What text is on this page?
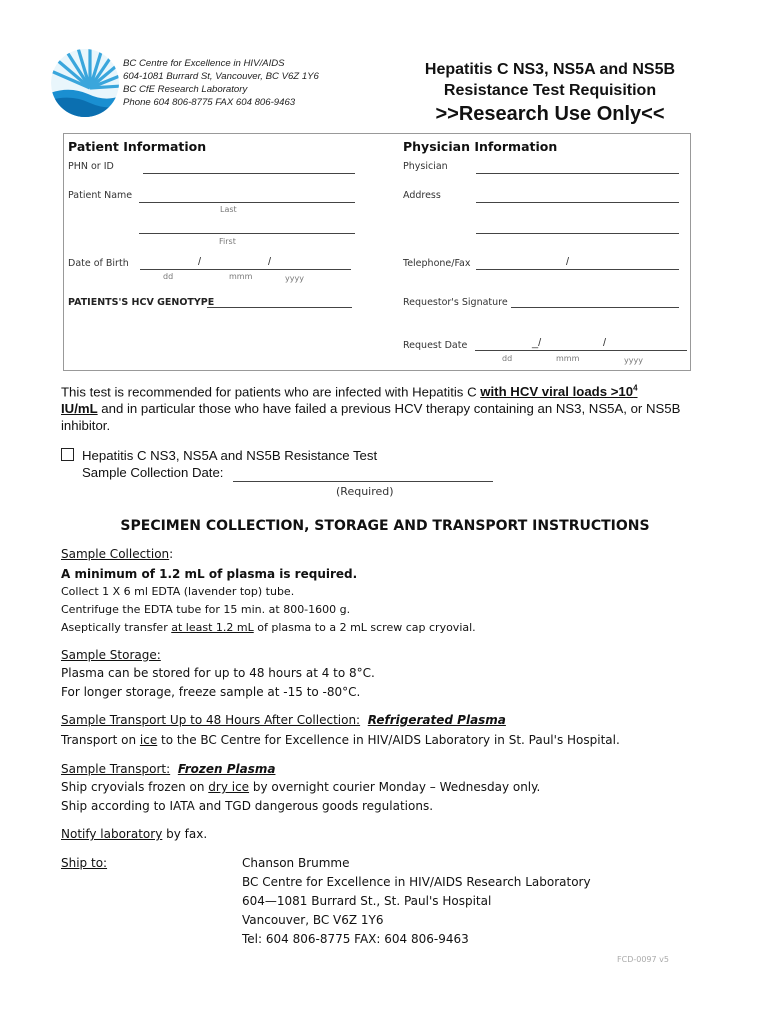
BC Centre for Excellence in HIV/AIDS
604-1081 Burrard St, Vancouver, BC V6Z 1Y6
BC CfE Research Laboratory
Phone 604 806-8775 FAX 604 806-9463
Hepatitis C NS3, NS5A and NS5B
Resistance Test Requisition
>>Research Use Only<<
Patient Information
PHN or ID
Patient Name
Last
First
Date of Birth	/	/
dd	mmm	yyyy
PATIENTS'S HCV GENOTYPE
Physician Information
Physician
Address
Telephone/Fax	/
Requestor's Signature
Request Date	_/	/
dd	mmm	yyyy
This test is recommended for patients who are infected with Hepatitis C with HCV viral loads $>10^4$
IU/mL and in particular those who have failed a previous HCV therapy containing an NS3, NS5A, or NS5B inhibitor.
Hepatitis C NS3, NS5A and NS5B Resistance Test
Sample Collection Date:
(Required)
SPECIMEN COLLECTION, STORAGE AND TRANSPORT INSTRUCTIONS
Sample Collection:
A minimum of 1.2 mL of plasma is required.
Collect 1 X 6 ml EDTA (lavender top) tube.
Centrifuge the EDTA tube for 15 min. at 800-1600 g.
Aseptically transfer at least 1.2 mL of plasma to a 2 mL screw cap cryovial.
Sample Storage:
Plasma can be stored for up to 48 hours at 4 to 8°C.
For longer storage, freeze sample at -15 to -80°C.
Sample Transport Up to 48 Hours After Collection: Refrigerated Plasma
Transport on ice to the BC Centre for Excellence in HIV/AIDS Laboratory in St. Paul's Hospital.
Sample Transport: Frozen Plasma
Ship cryovials frozen on dry ice by overnight courier Monday – Wednesday only.
Ship according to IATA and TGD dangerous goods regulations.
Notify laboratory by fax.
Ship to:	Chanson Brumme
BC Centre for Excellence in HIV/AIDS Research Laboratory
604—1081 Burrard St., St. Paul's Hospital
Vancouver, BC V6Z 1Y6
Tel: 604 806-8775 FAX: 604 806-9463
FCD-0097 v5
